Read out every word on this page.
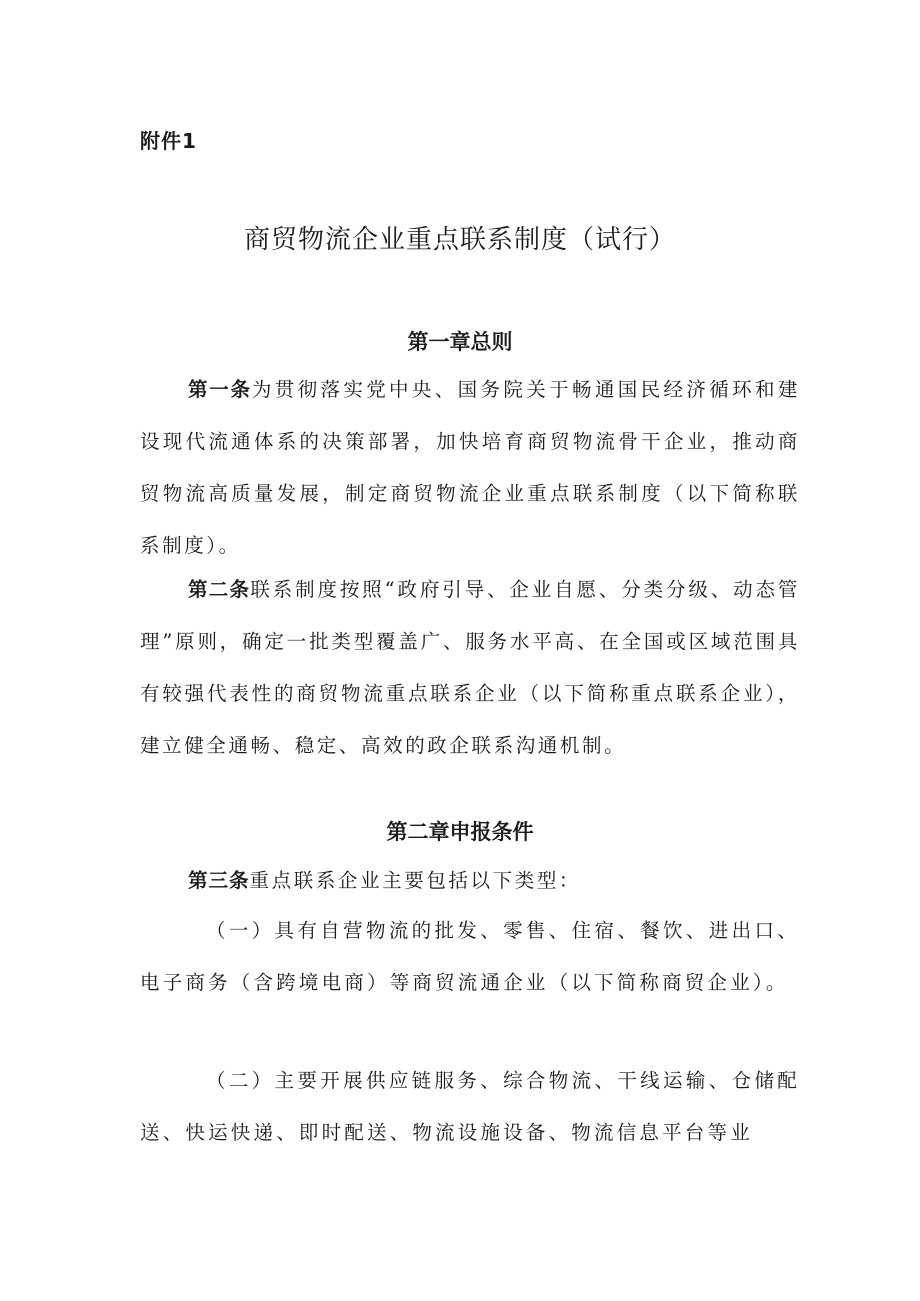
附件1
商贸物流企业重点联系制度（试行）
第一章总则
第一条为贯彻落实党中央、国务院关于畅通国民经济循环和建设现代流通体系的决策部署，加快培育商贸物流骨干企业，推动商贸物流高质量发展，制定商贸物流企业重点联系制度（以下简称联系制度）。
第二条联系制度按照“政府引导、企业自愿、分类分级、动态管理”原则，确定一批类型覆盖广、服务水平高、在全国或区域范围具有较强代表性的商贸物流重点联系企业（以下简称重点联系企业），建立健全通畅、稳定、高效的政企联系沟通机制。
第二章申报条件
第三条重点联系企业主要包括以下类型：
（一）具有自营物流的批发、零售、住宿、餐饮、进出口、电子商务（含跨境电商）等商贸流通企业（以下简称商贸企业）。
（二）主要开展供应链服务、综合物流、干线运输、仓储配送、快运快递、即时配送、物流设施设备、物流信息平台等业
